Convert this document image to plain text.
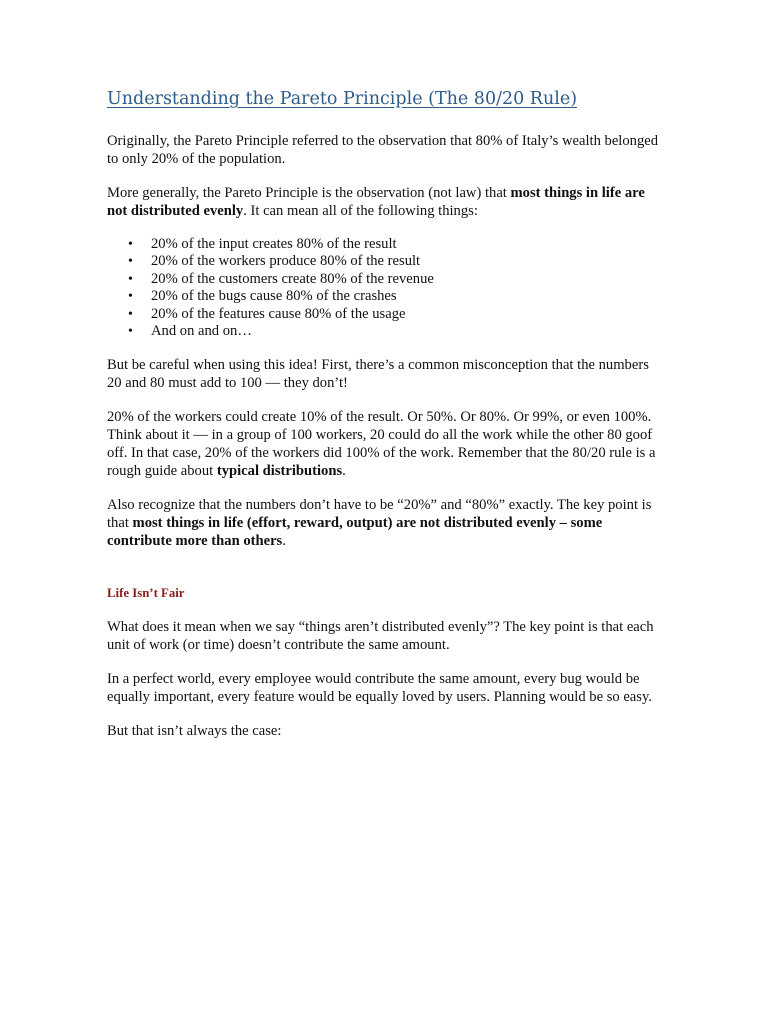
Understanding the Pareto Principle (The 80/20 Rule)

Originally, the Pareto Principle referred to the observation that 80% of Italy’s wealth belonged to only 20% of the population.

More generally, the Pareto Principle is the observation (not law) that most things in life are not distributed evenly. It can mean all of the following things:

• 20% of the input creates 80% of the result
• 20% of the workers produce 80% of the result
• 20% of the customers create 80% of the revenue
• 20% of the bugs cause 80% of the crashes
• 20% of the features cause 80% of the usage
• And on and on…

But be careful when using this idea! First, there’s a common misconception that the numbers 20 and 80 must add to 100 — they don’t!

20% of the workers could create 10% of the result. Or 50%. Or 80%. Or 99%, or even 100%. Think about it — in a group of 100 workers, 20 could do all the work while the other 80 goof off. In that case, 20% of the workers did 100% of the work. Remember that the 80/20 rule is a rough guide about typical distributions.

Also recognize that the numbers don’t have to be “20%” and “80%” exactly. The key point is that most things in life (effort, reward, output) are not distributed evenly – some contribute more than others.

Life Isn’t Fair

What does it mean when we say “things aren’t distributed evenly”? The key point is that each unit of work (or time) doesn’t contribute the same amount.

In a perfect world, every employee would contribute the same amount, every bug would be equally important, every feature would be equally loved by users. Planning would be so easy.

But that isn’t always the case:
